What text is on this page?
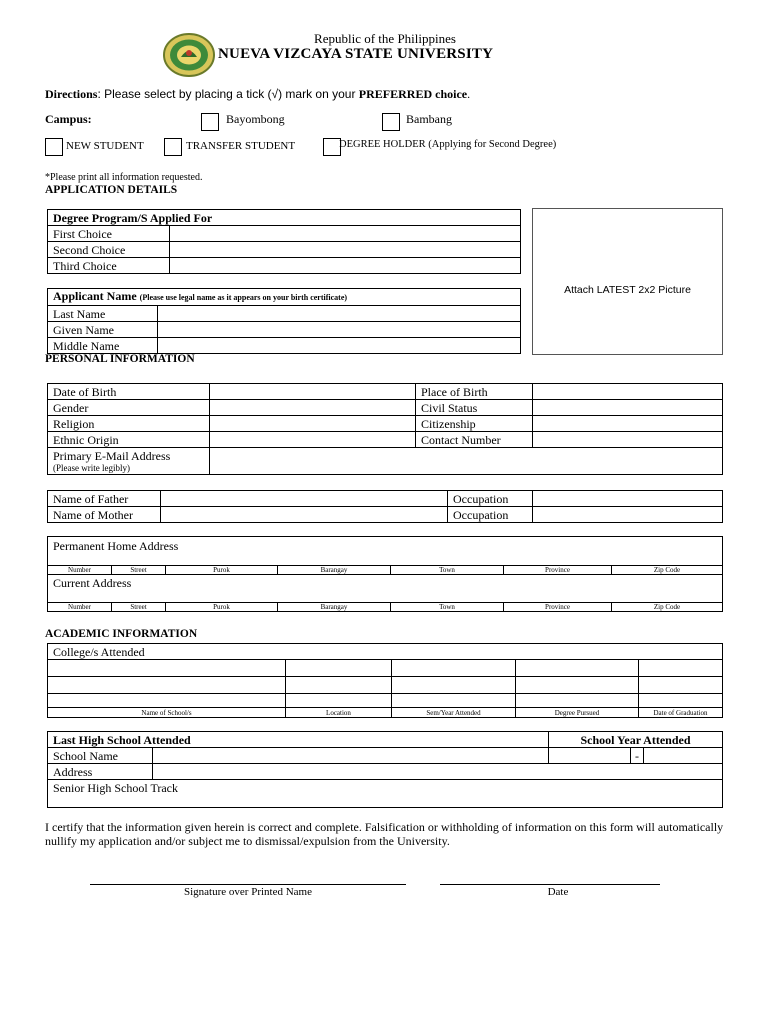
Republic of the Philippines
NUEVA VIZCAYA STATE UNIVERSITY
Directions: Please select by placing a tick (√) mark on your PREFERRED choice.
Campus:	Bayombong	Bambang
NEW STUDENT	TRANSFER STUDENT	DEGREE HOLDER (Applying for Second Degree)
*Please print all information requested.
APPLICATION DETAILS
Degree Program/S Applied For	
First Choice	
Second Choice	
Third Choice	
Attach LATEST 2x2 Picture
Applicant Name (Please use legal name as it appears on your birth certificate)	
Last Name	
Given Name	
Middle Name	
PERSONAL INFORMATION
Date of Birth		Place of Birth	
Gender		Civil Status	
Religion		Citizenship	
Ethnic Origin		Contact Number	

Primary E-Mail Address
(Please write legibly)			

Name of Father		Occupation	
Name of Mother		Occupation	
Permanent Home Address						
Number	Street	Purok	Barangay	Town	Province	Zip Code
Current Address						
Number	Street	Purok	Barangay	Town	Province	Zip Code
ACADEMIC INFORMATION
College/s Attended				

Name of School/s	Location	Sem/Year Attended	Degree Pursued	Date of Graduation
Last High School Attended		School Year Attended		
School Name			-	
Address				
Senior High School Track				
I certify that the information given herein is correct and complete. Falsification or withholding of information on this form will automatically nullify my application and/or subject me to dismissal/expulsion from the University.
Signature over Printed Name	Date
